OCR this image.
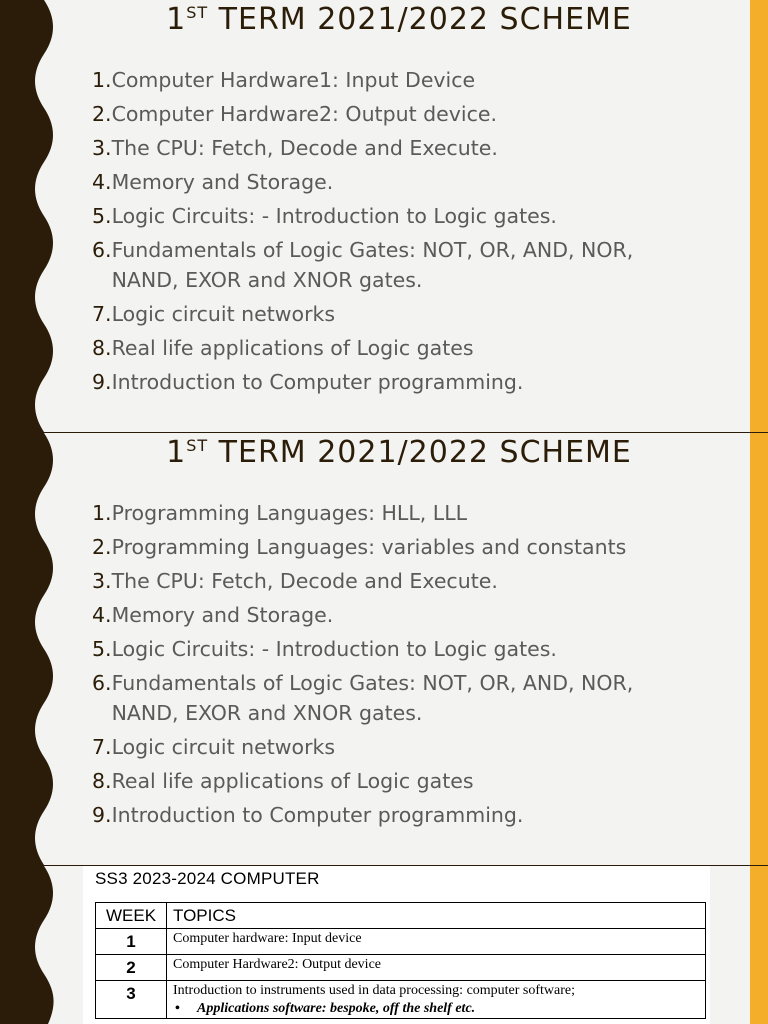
1ST TERM 2021/2022 SCHEME
1. Computer Hardware1: Input Device
2. Computer Hardware2: Output device.
3. The CPU: Fetch, Decode and Execute.
4. Memory and Storage.
5. Logic Circuits: - Introduction to Logic gates.
6. Fundamentals of Logic Gates: NOT, OR, AND, NOR, NAND, EXOR and XNOR gates.
7. Logic circuit networks
8. Real life applications of Logic gates
9. Introduction to Computer programming.
1ST TERM 2021/2022 SCHEME
1. Programming Languages: HLL, LLL
2. Programming Languages: variables and constants
3. The CPU: Fetch, Decode and Execute.
4. Memory and Storage.
5. Logic Circuits: - Introduction to Logic gates.
6. Fundamentals of Logic Gates: NOT, OR, AND, NOR, NAND, EXOR and XNOR gates.
7. Logic circuit networks
8. Real life applications of Logic gates
9. Introduction to Computer programming.
SS3 2023-2024 COMPUTER
WEEK	TOPICS
1	Computer hardware: Input device
2	Computer Hardware2: Output device
3	Introduction to instruments used in data processing: computer software;
• Applications software: bespoke, off the shelf etc.
